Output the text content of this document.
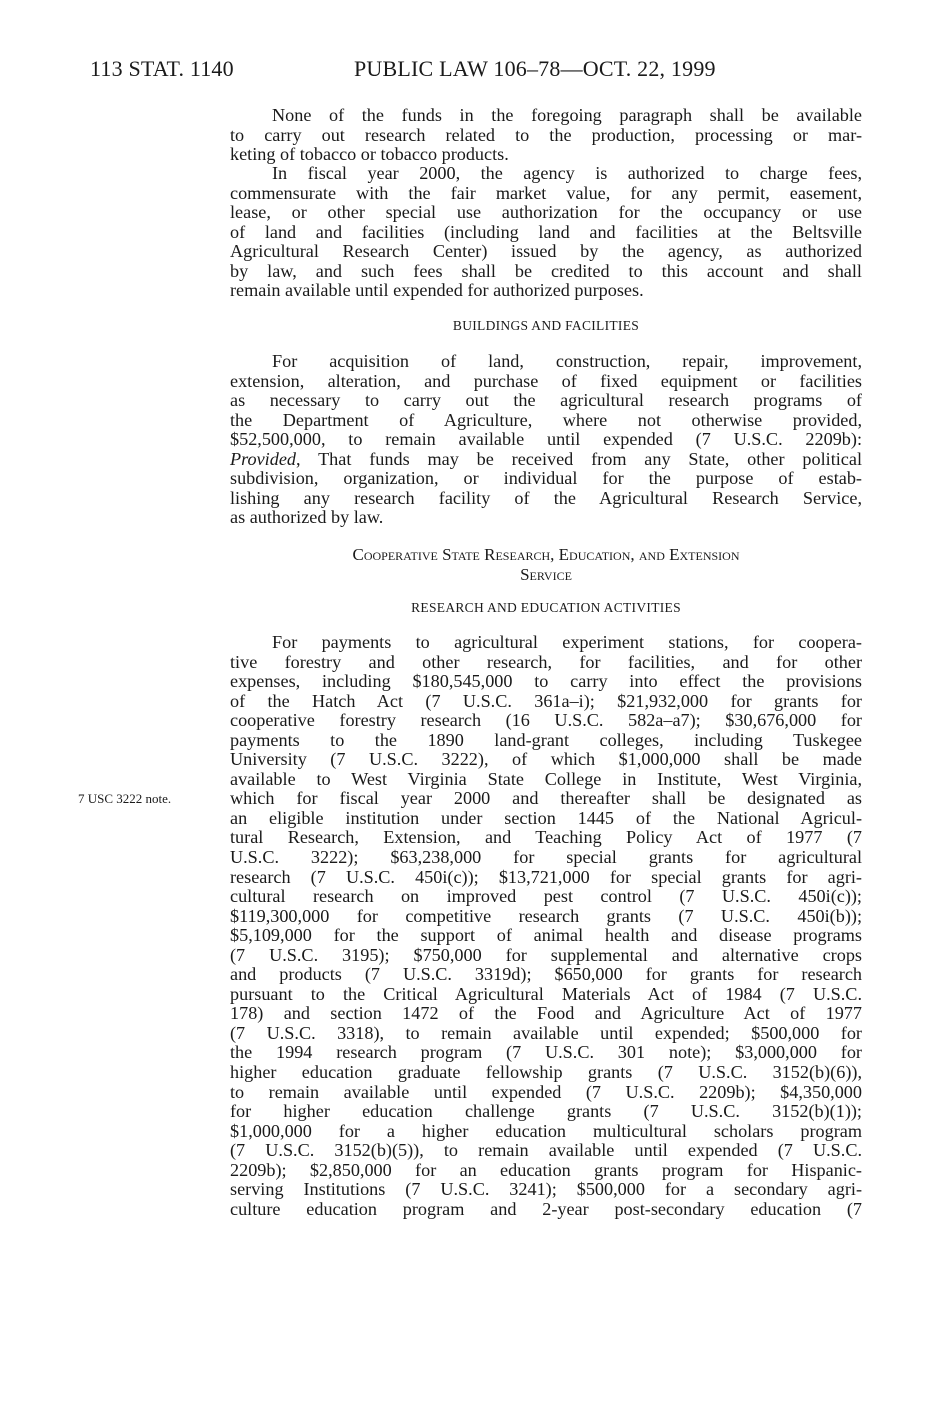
113 STAT. 1140	PUBLIC LAW 106–78—OCT. 22, 1999
None of the funds in the foregoing paragraph shall be available
to carry out research related to the production, processing or mar-
keting of tobacco or tobacco products.
In fiscal year 2000, the agency is authorized to charge fees,
commensurate with the fair market value, for any permit, easement,
lease, or other special use authorization for the occupancy or use
of land and facilities (including land and facilities at the Beltsville
Agricultural Research Center) issued by the agency, as authorized
by law, and such fees shall be credited to this account and shall
remain available until expended for authorized purposes.
BUILDINGS AND FACILITIES
For acquisition of land, construction, repair, improvement,
extension, alteration, and purchase of fixed equipment or facilities
as necessary to carry out the agricultural research programs of
the Department of Agriculture, where not otherwise provided,
$52,500,000, to remain available until expended (7 U.S.C. 2209b):
Provided, That funds may be received from any State, other political
subdivision, organization, or individual for the purpose of estab-
lishing any research facility of the Agricultural Research Service,
as authorized by law.
Cooperative State Research, Education, and Extension
Service
RESEARCH AND EDUCATION ACTIVITIES
For payments to agricultural experiment stations, for coopera-
tive forestry and other research, for facilities, and for other
expenses, including $180,545,000 to carry into effect the provisions
of the Hatch Act (7 U.S.C. 361a–i); $21,932,000 for grants for
cooperative forestry research (16 U.S.C. 582a–a7); $30,676,000 for
payments to the 1890 land-grant colleges, including Tuskegee
University (7 U.S.C. 3222), of which $1,000,000 shall be made
available to West Virginia State College in Institute, West Virginia,
which for fiscal year 2000 and thereafter shall be designated as
an eligible institution under section 1445 of the National Agricul-
tural Research, Extension, and Teaching Policy Act of 1977 (7
U.S.C. 3222); $63,238,000 for special grants for agricultural
research (7 U.S.C. 450i(c)); $13,721,000 for special grants for agri-
cultural research on improved pest control (7 U.S.C. 450i(c));
$119,300,000 for competitive research grants (7 U.S.C. 450i(b));
$5,109,000 for the support of animal health and disease programs
(7 U.S.C. 3195); $750,000 for supplemental and alternative crops
and products (7 U.S.C. 3319d); $650,000 for grants for research
pursuant to the Critical Agricultural Materials Act of 1984 (7 U.S.C.
178) and section 1472 of the Food and Agriculture Act of 1977
(7 U.S.C. 3318), to remain available until expended; $500,000 for
the 1994 research program (7 U.S.C. 301 note); $3,000,000 for
higher education graduate fellowship grants (7 U.S.C. 3152(b)(6)),
to remain available until expended (7 U.S.C. 2209b); $4,350,000
for higher education challenge grants (7 U.S.C. 3152(b)(1));
$1,000,000 for a higher education multicultural scholars program
(7 U.S.C. 3152(b)(5)), to remain available until expended (7 U.S.C.
2209b); $2,850,000 for an education grants program for Hispanic-
serving Institutions (7 U.S.C. 3241); $500,000 for a secondary agri-
culture education program and 2-year post-secondary education (7
7 USC 3222 note.
